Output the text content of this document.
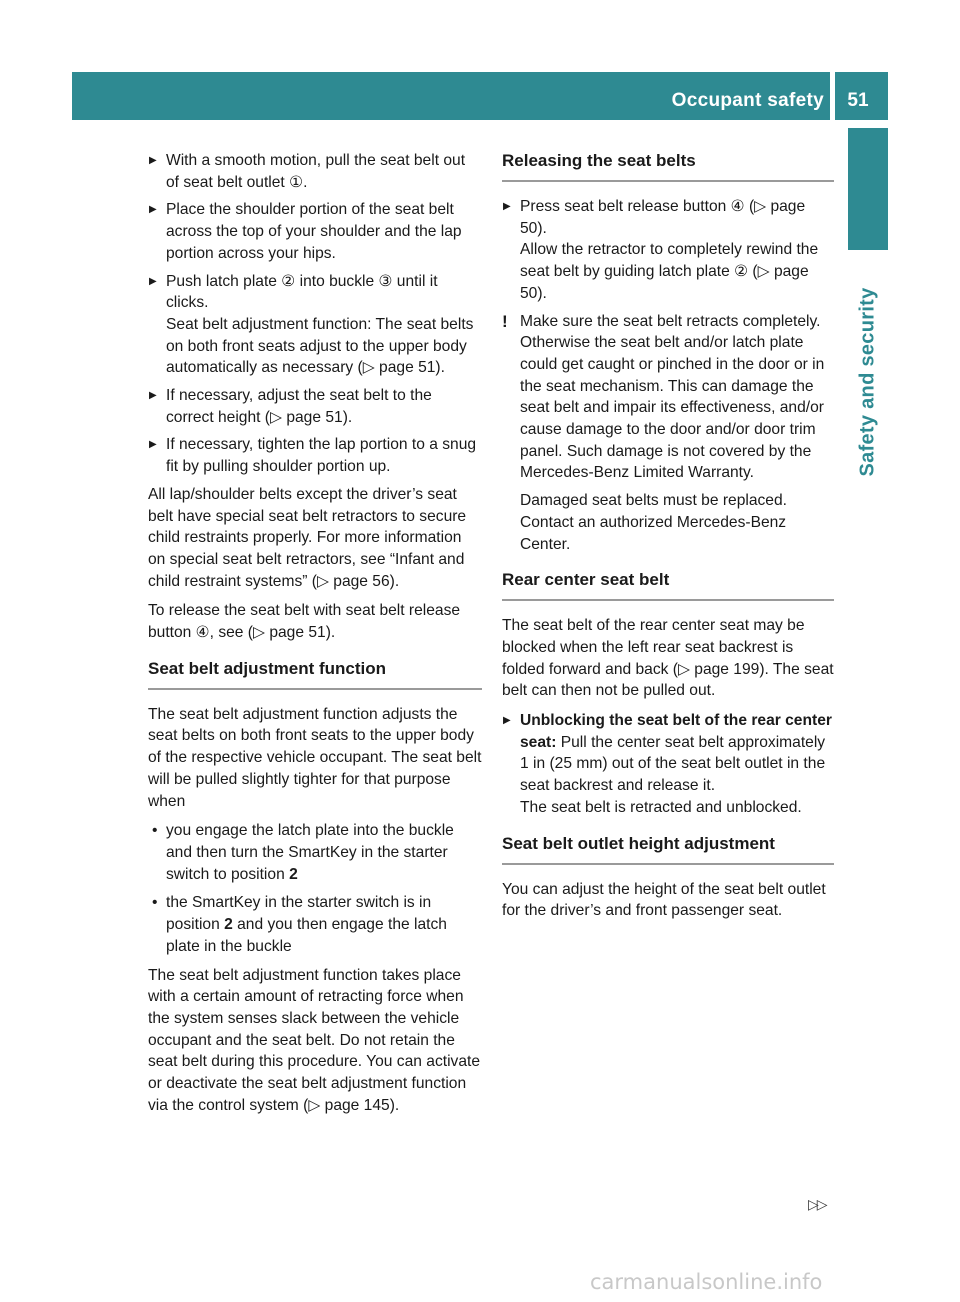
Occupant safety	51
Safety and security
▶ With a smooth motion, pull the seat belt out of seat belt outlet ①.
▶ Place the shoulder portion of the seat belt across the top of your shoulder and the lap portion across your hips.
▶ Push latch plate ② into buckle ③ until it clicks.
Seat belt adjustment function: The seat belts on both front seats adjust to the upper body automatically as necessary (▷ page 51).
▶ If necessary, adjust the seat belt to the correct height (▷ page 51).
▶ If necessary, tighten the lap portion to a snug fit by pulling shoulder portion up.

All lap/shoulder belts except the driver’s seat belt have special seat belt retractors to secure child restraints properly. For more information on special seat belt retractors, see “Infant and child restraint systems” (▷ page 56).

To release the seat belt with seat belt release button ④, see (▷ page 51).

Seat belt adjustment function

The seat belt adjustment function adjusts the seat belts on both front seats to the upper body of the respective vehicle occupant. The seat belt will be pulled slightly tighter for that purpose when

• you engage the latch plate into the buckle and then turn the SmartKey in the starter switch to position 2
• the SmartKey in the starter switch is in position 2 and you then engage the latch plate in the buckle

The seat belt adjustment function takes place with a certain amount of retracting force when the system senses slack between the vehicle occupant and the seat belt. Do not retain the seat belt during this procedure. You can activate or deactivate the seat belt adjustment function via the control system (▷ page 145).

Releasing the seat belts
▶ Press seat belt release button ④ (▷ page 50).
Allow the retractor to completely rewind the seat belt by guiding latch plate ② (▷ page 50).
! Make sure the seat belt retracts completely. Otherwise the seat belt and/or latch plate could get caught or pinched in the door or in the seat mechanism. This can damage the seat belt and impair its effectiveness, and/or cause damage to the door and/or door trim panel. Such damage is not covered by the Mercedes-Benz Limited Warranty.

Damaged seat belts must be replaced. Contact an authorized Mercedes-Benz Center.

Rear center seat belt

The seat belt of the rear center seat may be blocked when the left rear seat backrest is folded forward and back (▷ page 199). The seat belt can then not be pulled out.

▶ Unblocking the seat belt of the rear center seat: Pull the center seat belt approximately 1 in (25 mm) out of the seat belt outlet in the seat backrest and release it.
The seat belt is retracted and unblocked.
Seat belt outlet height adjustment

You can adjust the height of the seat belt outlet for the driver’s and front passenger seat.

▷▷
carmanualsonline.info
